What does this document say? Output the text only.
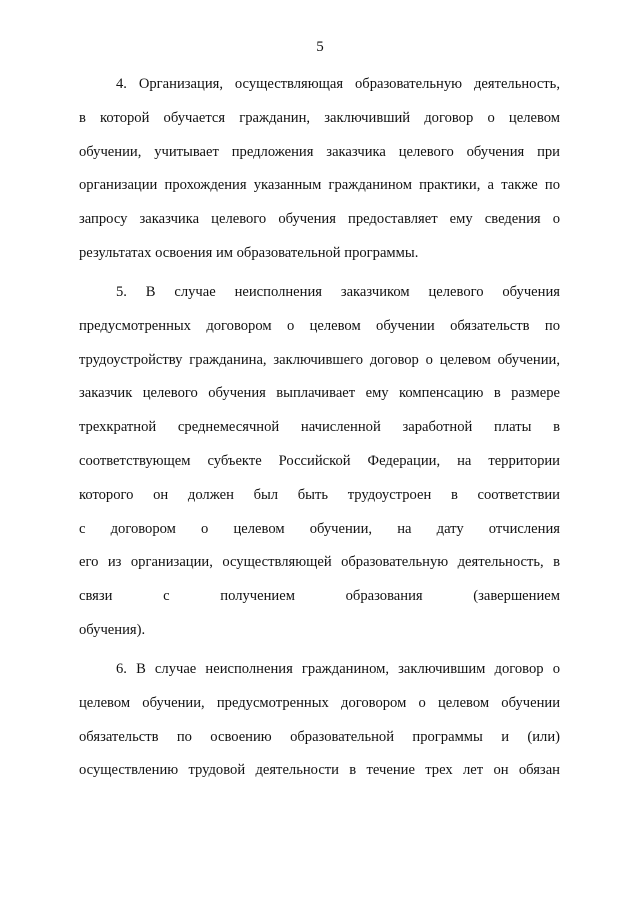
5
4. Организация, осуществляющая образовательную деятельность,
в которой обучается гражданин, заключивший договор о целевом
обучении, учитывает предложения заказчика целевого обучения при
организации прохождения указанным гражданином практики, а также по
запросу заказчика целевого обучения предоставляет ему сведения о
результатах освоения им образовательной программы.
5. В случае неисполнения заказчиком целевого обучения
предусмотренных договором о целевом обучении обязательств по
трудоустройству гражданина, заключившего договор о целевом обучении,
заказчик целевого обучения выплачивает ему компенсацию в размере
трехкратной среднемесячной начисленной заработной платы в
соответствующем субъекте Российской Федерации, на территории
которого он должен был быть трудоустроен в соответствии
с договором о целевом обучении, на дату отчисления
его из организации, осуществляющей образовательную деятельность, в
связи с получением образования (завершением
обучения).
6. В случае неисполнения гражданином, заключившим договор о
целевом обучении, предусмотренных договором о целевом обучении
обязательств по освоению образовательной программы и (или)
осуществлению трудовой деятельности в течение трех лет он обязан
